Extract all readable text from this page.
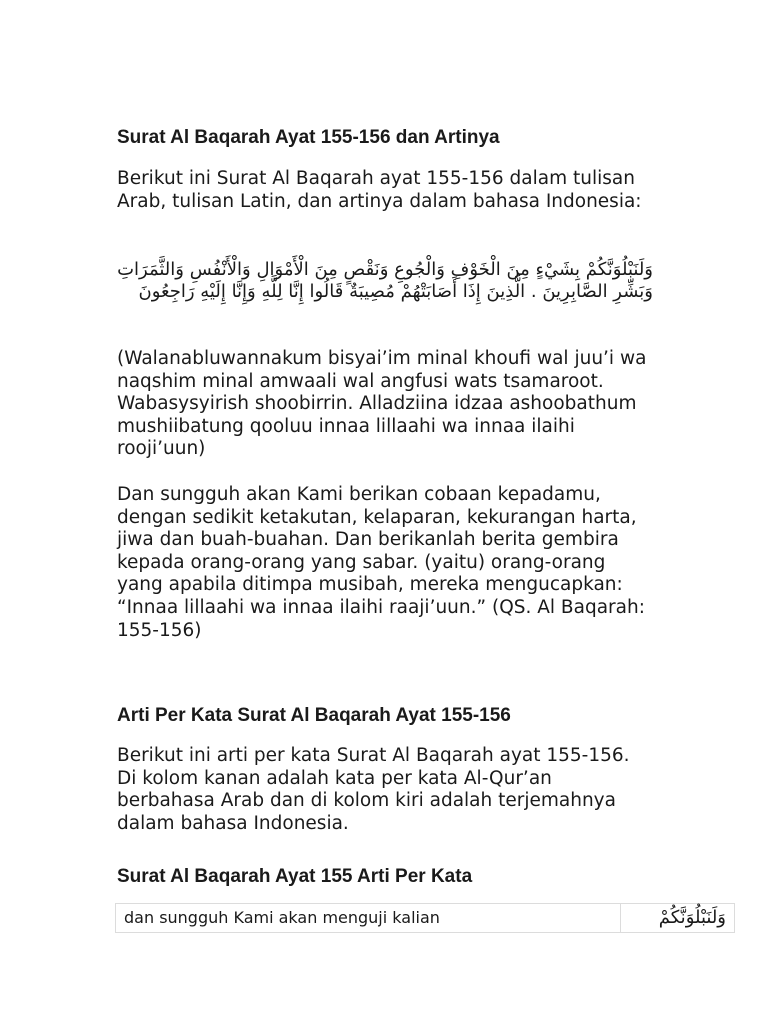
Surat Al Baqarah Ayat 155-156 dan Artinya

Berikut ini Surat Al Baqarah ayat 155-156 dalam tulisan Arab, tulisan Latin, dan artinya dalam bahasa Indonesia:

وَلَنَبْلُوَنَّكُمْ بِشَيْءٍ مِنَ الْخَوْفِ وَالْجُوعِ وَنَقْصٍ مِنَ الْأَمْوَالِ وَالْأَنْفُسِ وَالثَّمَرَاتِ وَبَشِّرِ الصَّابِرِينَ . الَّذِينَ إِذَا أَصَابَتْهُمْ مُصِيبَةٌ قَالُوا إِنَّا لِلَّهِ وَإِنَّا إِلَيْهِ رَاجِعُونَ

(Walanabluwannakum bisyai’im minal khoufi wal juu’i wa naqshim minal amwaali wal angfusi wats tsamaroot. Wabasysyirish shoobirrin. Alladziina idzaa ashoobathum mushiibatung qooluu innaa lillaahi wa innaa ilaihi rooji’uun)

Dan sungguh akan Kami berikan cobaan kepadamu, dengan sedikit ketakutan, kelaparan, kekurangan harta, jiwa dan buah-buahan. Dan berikanlah berita gembira kepada orang-orang yang sabar. (yaitu) orang-orang yang apabila ditimpa musibah, mereka mengucapkan: “Innaa lillaahi wa innaa ilaihi raaji’uun.” (QS. Al Baqarah: 155-156)

Arti Per Kata Surat Al Baqarah Ayat 155-156

Berikut ini arti per kata Surat Al Baqarah ayat 155-156. Di kolom kanan adalah kata per kata Al-Qur’an berbahasa Arab dan di kolom kiri adalah terjemahnya dalam bahasa Indonesia.

Surat Al Baqarah Ayat 155 Arti Per Kata
dan sungguh Kami akan menguji kalian	وَلَنَبْلُوَنَّكُمْ
